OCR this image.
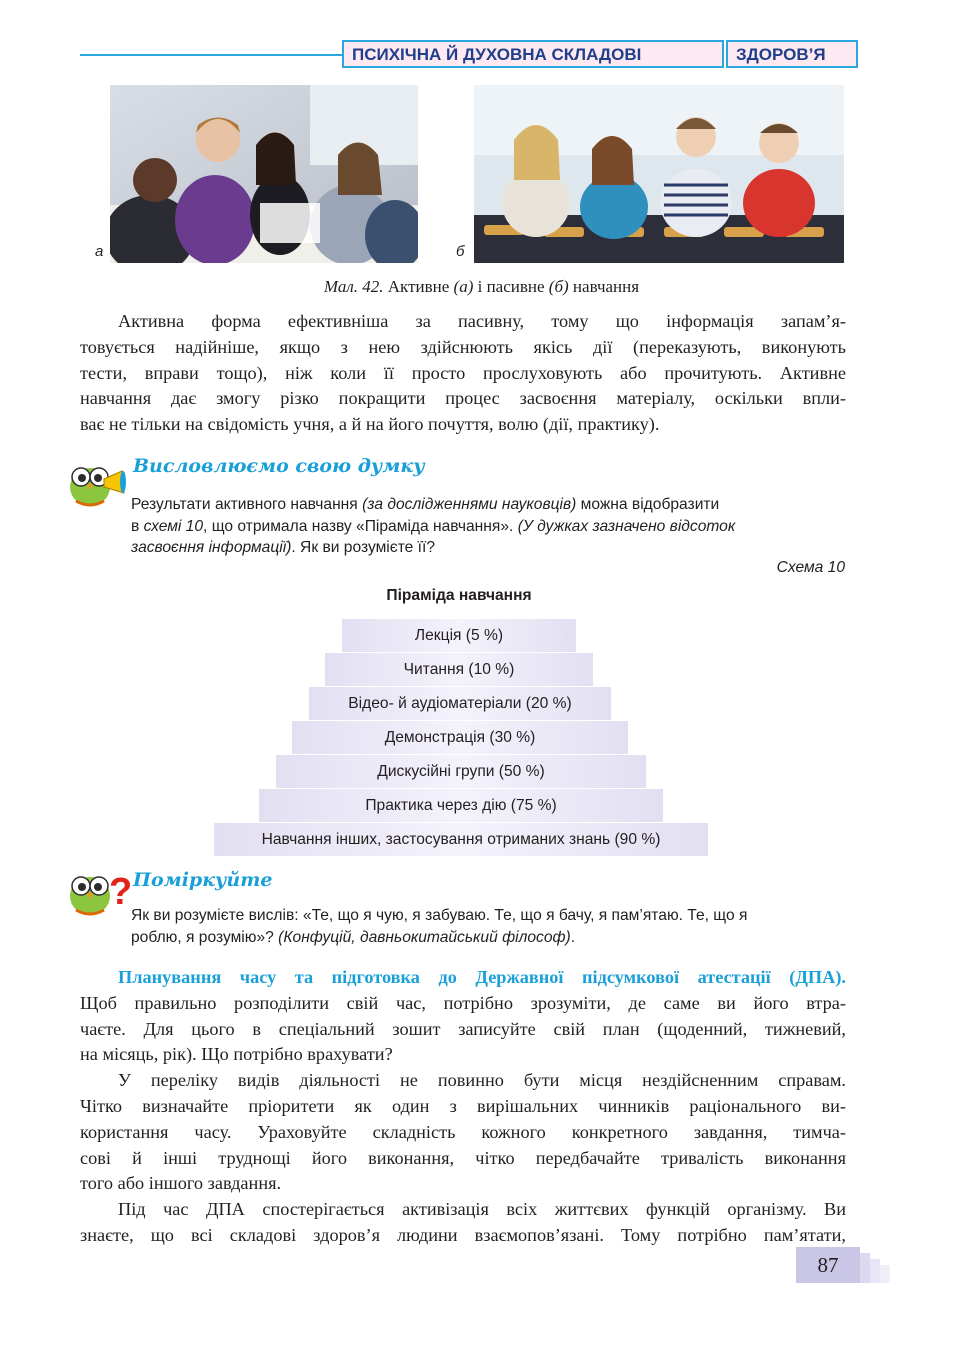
ПСИХІЧНА Й ДУХОВНА СКЛАДОВІ	ЗДОРОВ’Я
а	б
Мал. 42. Активне (а) і пасивне (б) навчання
Активна форма ефективніша за пасивну, тому що інформація запам’я-
товується надійніше, якщо з нею здійснюють якісь дії (переказують, виконують
тести, вправи тощо), ніж коли її просто прослуховують або прочитують. Активне
навчання дає змогу різко покращити процес засвоєння матеріалу, оскільки впли-
ває не тільки на свідомість учня, а й на його почуття, волю (дії, практику).
Висловлюємо свою думку
Результати активного навчання (за дослідженнями науковців) можна відобразити
в схемі 10, що отримала назву «Піраміда навчання». (У дужках зазначено відсоток
засвоєння інформації). Як ви розумієте її?
Схема 10
Піраміда навчання
Лекція (5 %)
Читання (10 %)
Відео- й аудіоматеріали (20 %)
Демонстрація (30 %)
Дискусійні групи (50 %)
Практика через дію (75 %)
Навчання інших, застосування отриманих знань (90 %)
? Поміркуйте
Як ви розумієте вислів: «Те, що я чую, я забуваю. Те, що я бачу, я пам’ятаю. Те, що я
роблю, я розумію»? (Конфуцій, давньокитайський філософ).
Планування часу та підготовка до Державної підсумкової атестації (ДПА).
Щоб правильно розподілити свій час, потрібно зрозуміти, де саме ви його втра-
чаєте. Для цього в спеціальний зошит записуйте свій план (щоденний, тижневий,
на місяць, рік). Що потрібно врахувати?
У переліку видів діяльності не повинно бути місця нездійсненним справам.
Чітко визначайте пріоритети як один з вирішальних чинників раціонального ви-
користання часу. Ураховуйте складність кожного конкретного завдання, тимча-
сові й інші труднощі його виконання, чітко передбачайте тривалість виконання
того або іншого завдання.
Під час ДПА спостерігається активізація всіх життєвих функцій організму. Ви
знаєте, що всі складові здоров’я людини взаємопов’язані. Тому потрібно пам’ятати,
87
